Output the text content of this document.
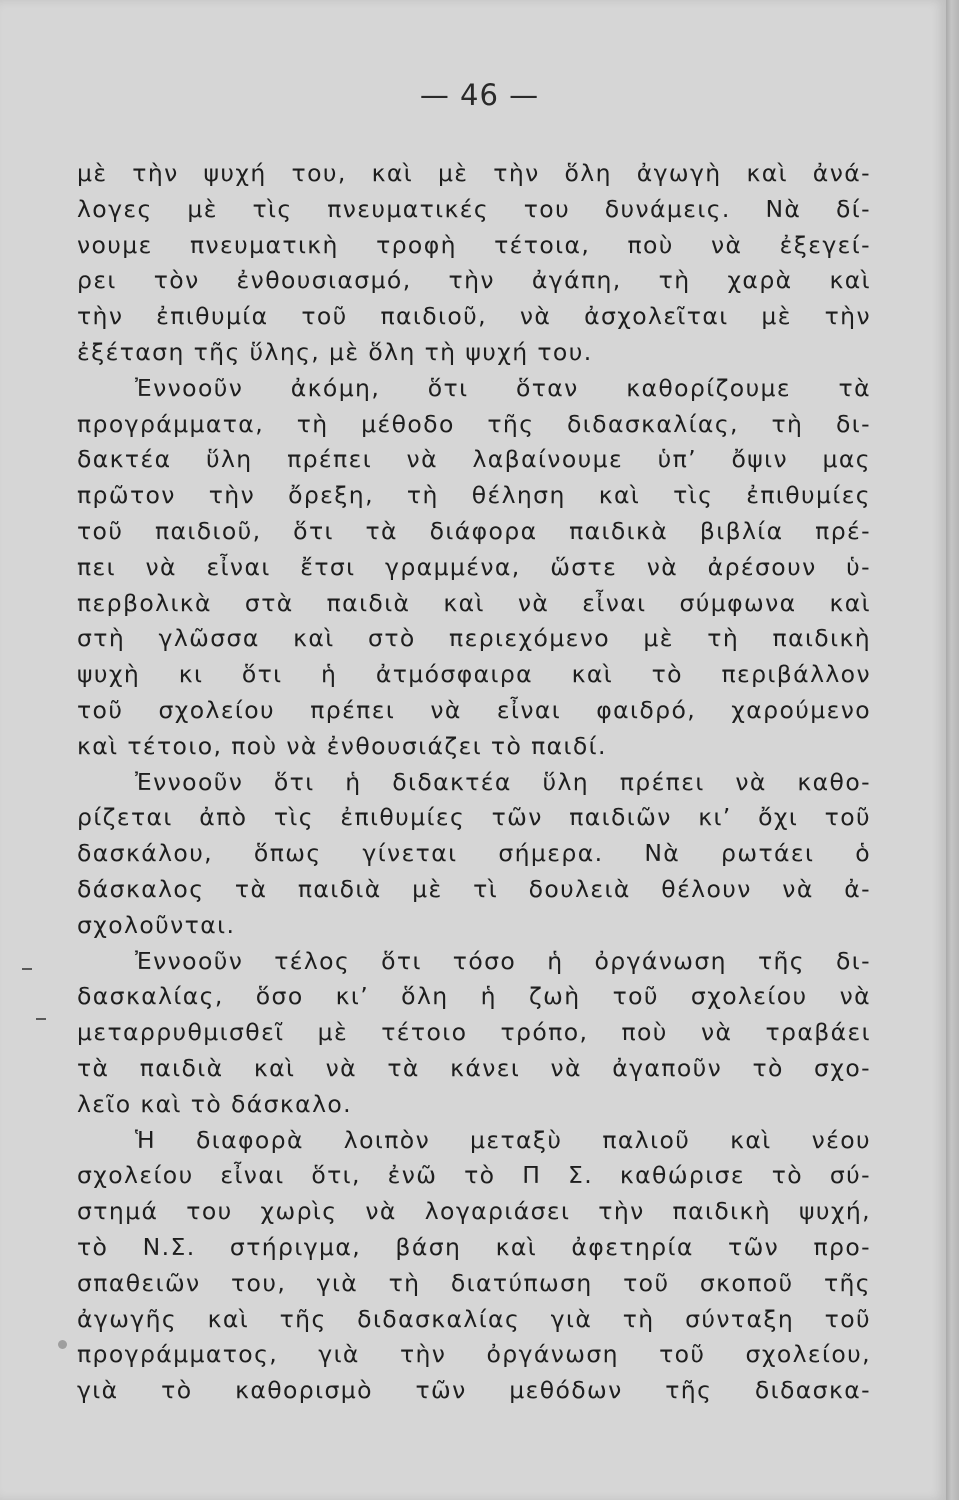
— 46 —
μὲ τὴν ψυχή του, καὶ μὲ τὴν ὅλη ἀγωγὴ καὶ ἀνά-
λογες μὲ τὶς πνευματικές του δυνάμεις. Νὰ δί-
νουμε πνευματικὴ τροφὴ τέτοια, ποὺ νὰ ἐξεγεί-
ρει τὸν ἐνθουσιασμό, τὴν ἀγάπη, τὴ χαρὰ καὶ
τὴν ἐπιθυμία τοῦ παιδιοῦ, νὰ ἀσχολεῖται μὲ τὴν
ἐξέταση τῆς ὕλης, μὲ ὅλη τὴ ψυχή του.
Ἐννοοῦν ἀκόμη, ὅτι ὅταν καθορίζουμε τὰ
προγράμματα, τὴ μέθοδο τῆς διδασκαλίας, τὴ δι-
δακτέα ὕλη πρέπει νὰ λαβαίνουμε ὑπ’ ὄψιν μας
πρῶτον τὴν ὄρεξη, τὴ θέληση καὶ τὶς ἐπιθυμίες
τοῦ παιδιοῦ, ὅτι τὰ διάφορα παιδικὰ βιβλία πρέ-
πει νὰ εἶναι ἔτσι γραμμένα, ὥστε νὰ ἀρέσουν ὑ-
περβολικὰ στὰ παιδιὰ καὶ νὰ εἶναι σύμφωνα καὶ
στὴ γλῶσσα καὶ στὸ περιεχόμενο μὲ τὴ παιδικὴ
ψυχὴ κι ὅτι ἡ ἀτμόσφαιρα καὶ τὸ περιβάλλον
τοῦ σχολείου πρέπει νὰ εἶναι φαιδρό, χαρούμενο
καὶ τέτοιο, ποὺ νὰ ἐνθουσιάζει τὸ παιδί.
Ἐννοοῦν ὅτι ἡ διδακτέα ὕλη πρέπει νὰ καθο-
ρίζεται ἀπὸ τὶς ἐπιθυμίες τῶν παιδιῶν κι’ ὄχι τοῦ
δασκάλου, ὅπως γίνεται σήμερα. Νὰ ρωτάει ὁ
δάσκαλος τὰ παιδιὰ μὲ τὶ δουλειὰ θέλουν νὰ ἀ-
σχολοῦνται.
Ἐννοοῦν τέλος ὅτι τόσο ἡ ὀργάνωση τῆς δι-
δασκαλίας, ὅσο κι’ ὅλη ἡ ζωὴ τοῦ σχολείου νὰ
μεταρρυθμισθεῖ μὲ τέτοιο τρόπο, ποὺ νὰ τραβάει
τὰ παιδιὰ καὶ νὰ τὰ κάνει νὰ ἀγαποῦν τὸ σχο-
λεῖο καὶ τὸ δάσκαλο.
Ἡ διαφορὰ λοιπὸν μεταξὺ παλιοῦ καὶ νέου
σχολείου εἶναι ὅτι, ἐνῶ τὸ Π Σ. καθώρισε τὸ σύ-
στημά του χωρὶς νὰ λογαριάσει τὴν παιδικὴ ψυχή,
τὸ Ν.Σ. στήριγμα, βάση καὶ ἀφετηρία τῶν προ-
σπαθειῶν του, γιὰ τὴ διατύπωση τοῦ σκοποῦ τῆς
ἀγωγῆς καὶ τῆς διδασκαλίας γιὰ τὴ σύνταξη τοῦ
προγράμματος, γιὰ τὴν ὀργάνωση τοῦ σχολείου,
γιὰ τὸ καθορισμὸ τῶν μεθόδων τῆς διδασκα-
